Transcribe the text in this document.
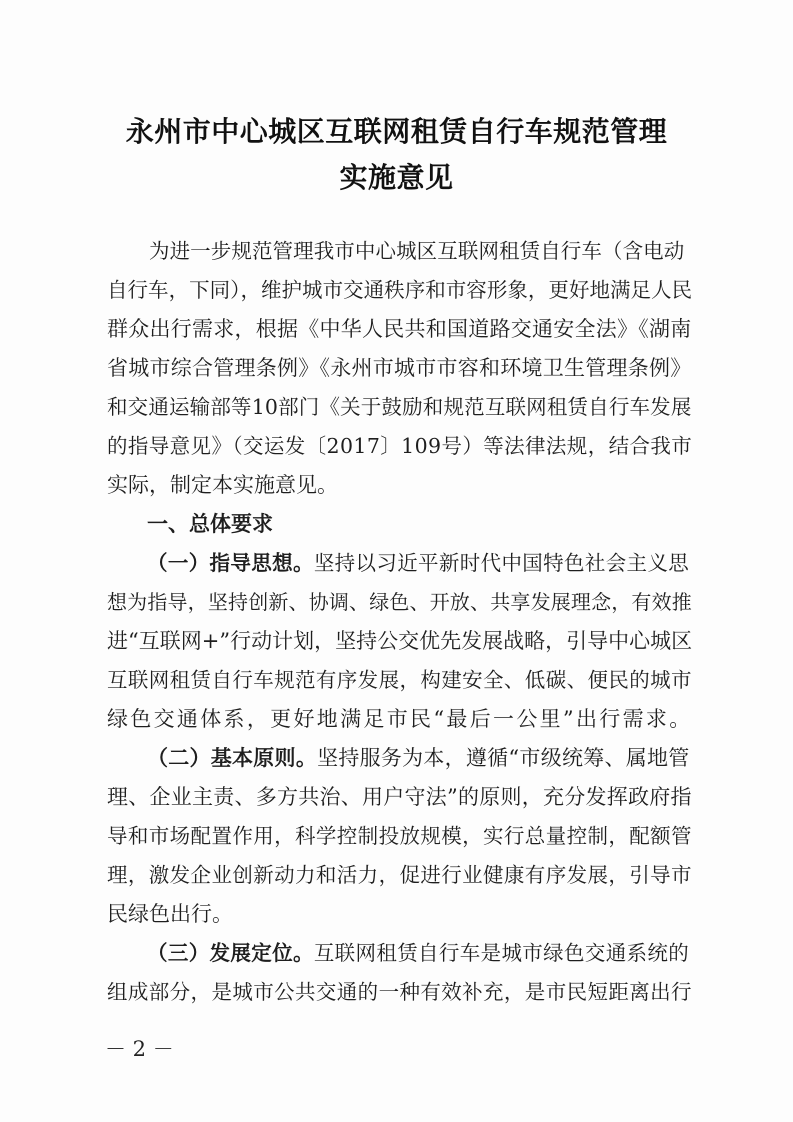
永州市中心城区互联网租赁自行车规范管理
实施意见
为进一步规范管理我市中心城区互联网租赁自行车（含电动
自行车，下同），维护城市交通秩序和市容形象，更好地满足人民
群众出行需求，根据《中华人民共和国道路交通安全法》《湖南
省城市综合管理条例》《永州市城市市容和环境卫生管理条例》
和交通运输部等10部门《关于鼓励和规范互联网租赁自行车发展
的指导意见》（交运发〔2017〕109号）等法律法规，结合我市
实际，制定本实施意见。
一、总体要求
（一）指导思想。坚持以习近平新时代中国特色社会主义思
想为指导，坚持创新、协调、绿色、开放、共享发展理念，有效推
进“互联网+”行动计划，坚持公交优先发展战略，引导中心城区
互联网租赁自行车规范有序发展，构建安全、低碳、便民的城市
绿色交通体系，更好地满足市民“最后一公里”出行需求。
（二）基本原则。坚持服务为本，遵循“市级统筹、属地管
理、企业主责、多方共治、用户守法”的原则，充分发挥政府指
导和市场配置作用，科学控制投放规模，实行总量控制，配额管
理，激发企业创新动力和活力，促进行业健康有序发展，引导市
民绿色出行。
（三）发展定位。互联网租赁自行车是城市绿色交通系统的
组成部分，是城市公共交通的一种有效补充，是市民短距离出行
－ 2 －
